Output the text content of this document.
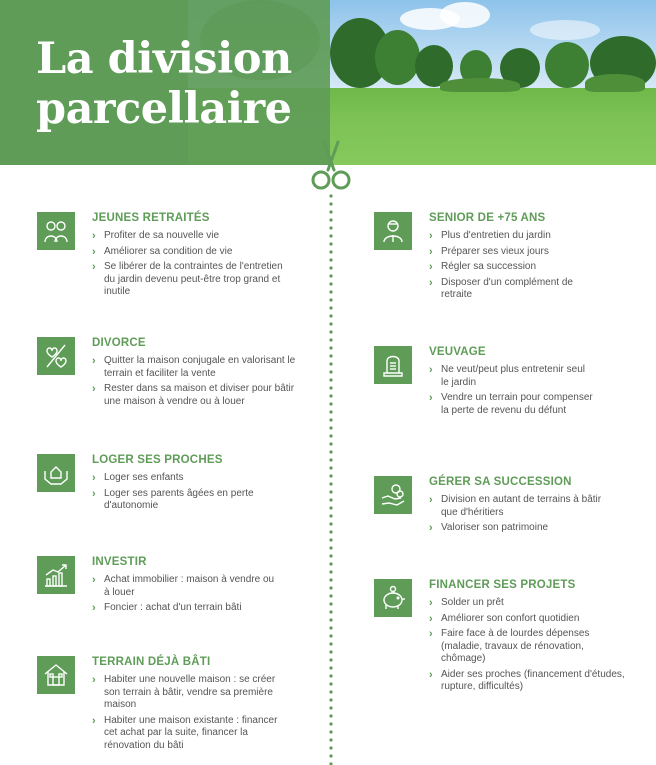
La division
parcellaire
JEUNES RETRAITÉS
› Profiter de sa nouvelle vie
› Améliorer sa condition de vie
› Se libérer de la contraintes de l'entretien du jardin devenu peut-être trop grand et inutile
DIVORCE
› Quitter la maison conjugale en valorisant le terrain et faciliter la vente
› Rester dans sa maison et diviser pour bâtir une maison à vendre ou à louer
LOGER SES PROCHES
› Loger ses enfants
› Loger ses parents âgées en perte d'autonomie
INVESTIR
› Achat immobilier : maison à vendre ou à louer
› Foncier : achat d'un terrain bâti
TERRAIN DÉJÀ BÂTI
› Habiter une nouvelle maison : se créer son terrain à bâtir, vendre sa première maison
› Habiter une maison existante : financer cet achat par la suite, financer la rénovation du bâti
SENIOR DE +75 ANS
› Plus d'entretien du jardin
› Préparer ses vieux jours
› Régler sa succession
› Disposer d'un complément de retraite
VEUVAGE
› Ne veut/peut plus entretenir seul le jardin
› Vendre un terrain pour compenser la perte de revenu du défunt
GÉRER SA SUCCESSION
› Division en autant de terrains à bâtir que d'héritiers
› Valoriser son patrimoine
FINANCER SES PROJETS
› Solder un prêt
› Améliorer son confort quotidien
› Faire face à de lourdes dépenses (maladie, travaux de rénovation, chômage)
› Aider ses proches (financement d'études, rupture, difficultés)
